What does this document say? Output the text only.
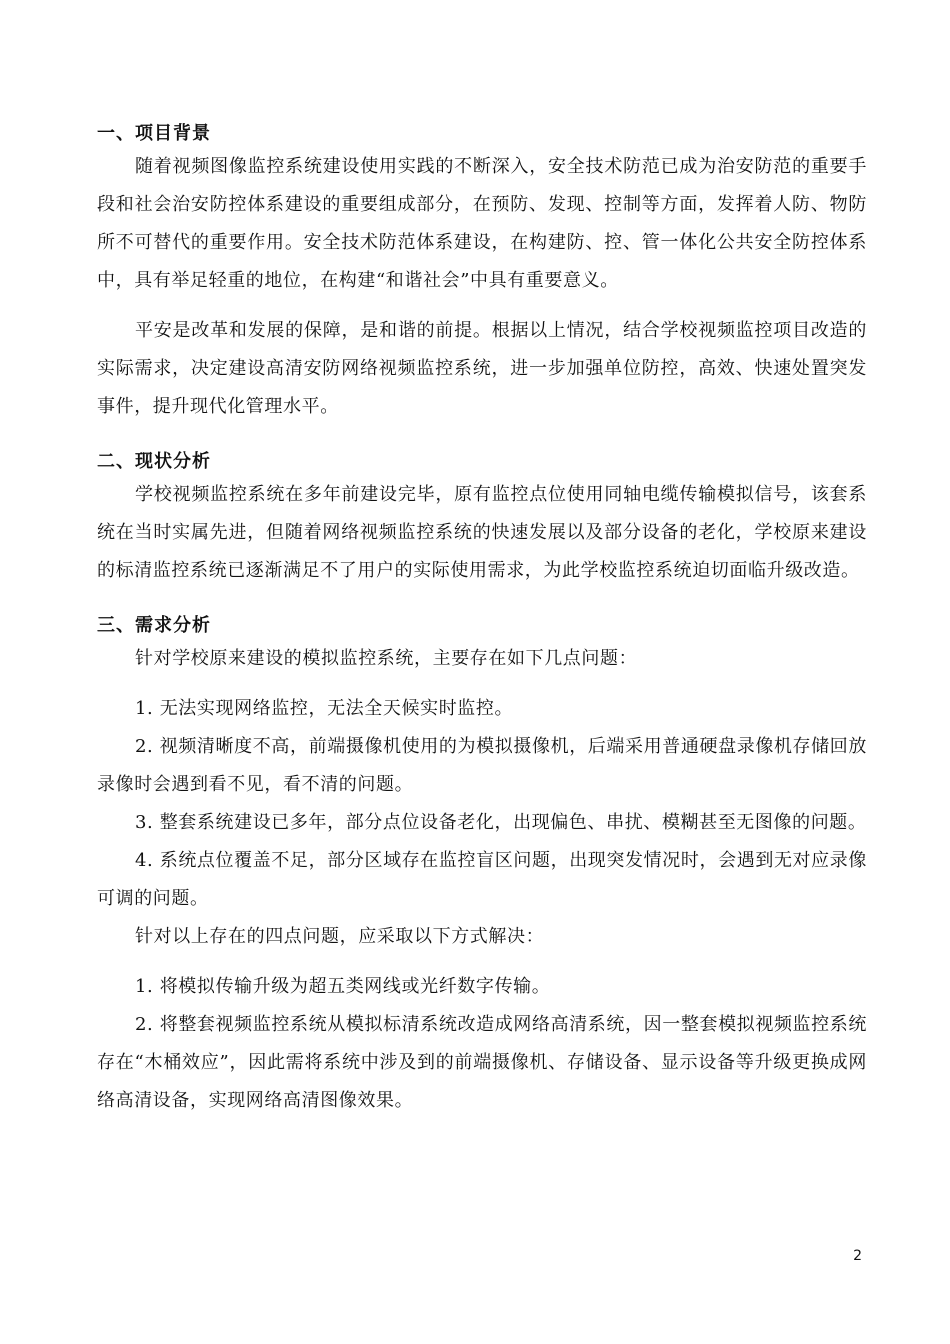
一、项目背景

随着视频图像监控系统建设使用实践的不断深入，安全技术防范已成为治安防范的重要手段和社会治安防控体系建设的重要组成部分，在预防、发现、控制等方面，发挥着人防、物防所不可替代的重要作用。安全技术防范体系建设，在构建防、控、管一体化公共安全防控体系中，具有举足轻重的地位，在构建“和谐社会”中具有重要意义。

平安是改革和发展的保障，是和谐的前提。根据以上情况，结合学校视频监控项目改造的实际需求，决定建设高清安防网络视频监控系统，进一步加强单位防控，高效、快速处置突发事件，提升现代化管理水平。

二、现状分析

学校视频监控系统在多年前建设完毕，原有监控点位使用同轴电缆传输模拟信号，该套系统在当时实属先进，但随着网络视频监控系统的快速发展以及部分设备的老化，学校原来建设的标清监控系统已逐渐满足不了用户的实际使用需求，为此学校监控系统迫切面临升级改造。

三、需求分析

针对学校原来建设的模拟监控系统，主要存在如下几点问题：

1. 无法实现网络监控，无法全天候实时监控。

2. 视频清晰度不高，前端摄像机使用的为模拟摄像机，后端采用普通硬盘录像机存储回放录像时会遇到看不见，看不清的问题。

3. 整套系统建设已多年，部分点位设备老化，出现偏色、串扰、模糊甚至无图像的问题。

4. 系统点位覆盖不足，部分区域存在监控盲区问题，出现突发情况时，会遇到无对应录像可调的问题。

针对以上存在的四点问题，应采取以下方式解决：

1. 将模拟传输升级为超五类网线或光纤数字传输。

2. 将整套视频监控系统从模拟标清系统改造成网络高清系统，因一整套模拟视频监控系统存在“木桶效应”，因此需将系统中涉及到的前端摄像机、存储设备、显示设备等升级更换成网络高清设备，实现网络高清图像效果。

2
